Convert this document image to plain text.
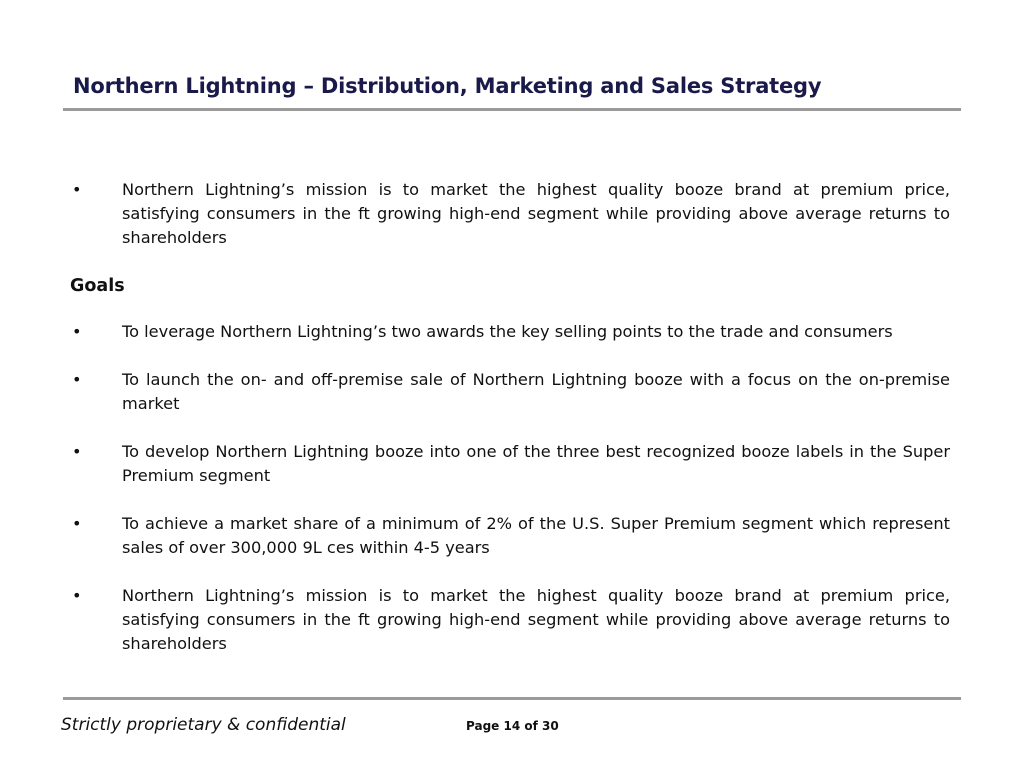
Northern Lightning – Distribution, Marketing and Sales Strategy
• Northern Lightning’s mission is to market the highest quality booze brand at premium price, satisfying consumers in the ft growing high-end segment while providing above average returns to shareholders
Goals
• To leverage Northern Lightning’s two awards the key selling points to the trade and consumers
• To launch the on- and off-premise sale of Northern Lightning booze with a focus on the on-premise market
• To develop Northern Lightning booze into one of the three best recognized booze labels in the Super Premium segment
• To achieve a market share of a minimum of 2% of the U.S. Super Premium segment which represent sales of over 300,000 9L ces within 4-5 years
• Northern Lightning’s mission is to market the highest quality booze brand at premium price, satisfying consumers in the ft growing high-end segment while providing above average returns to shareholders
Strictly proprietary & confidential	Page 14 of 30
